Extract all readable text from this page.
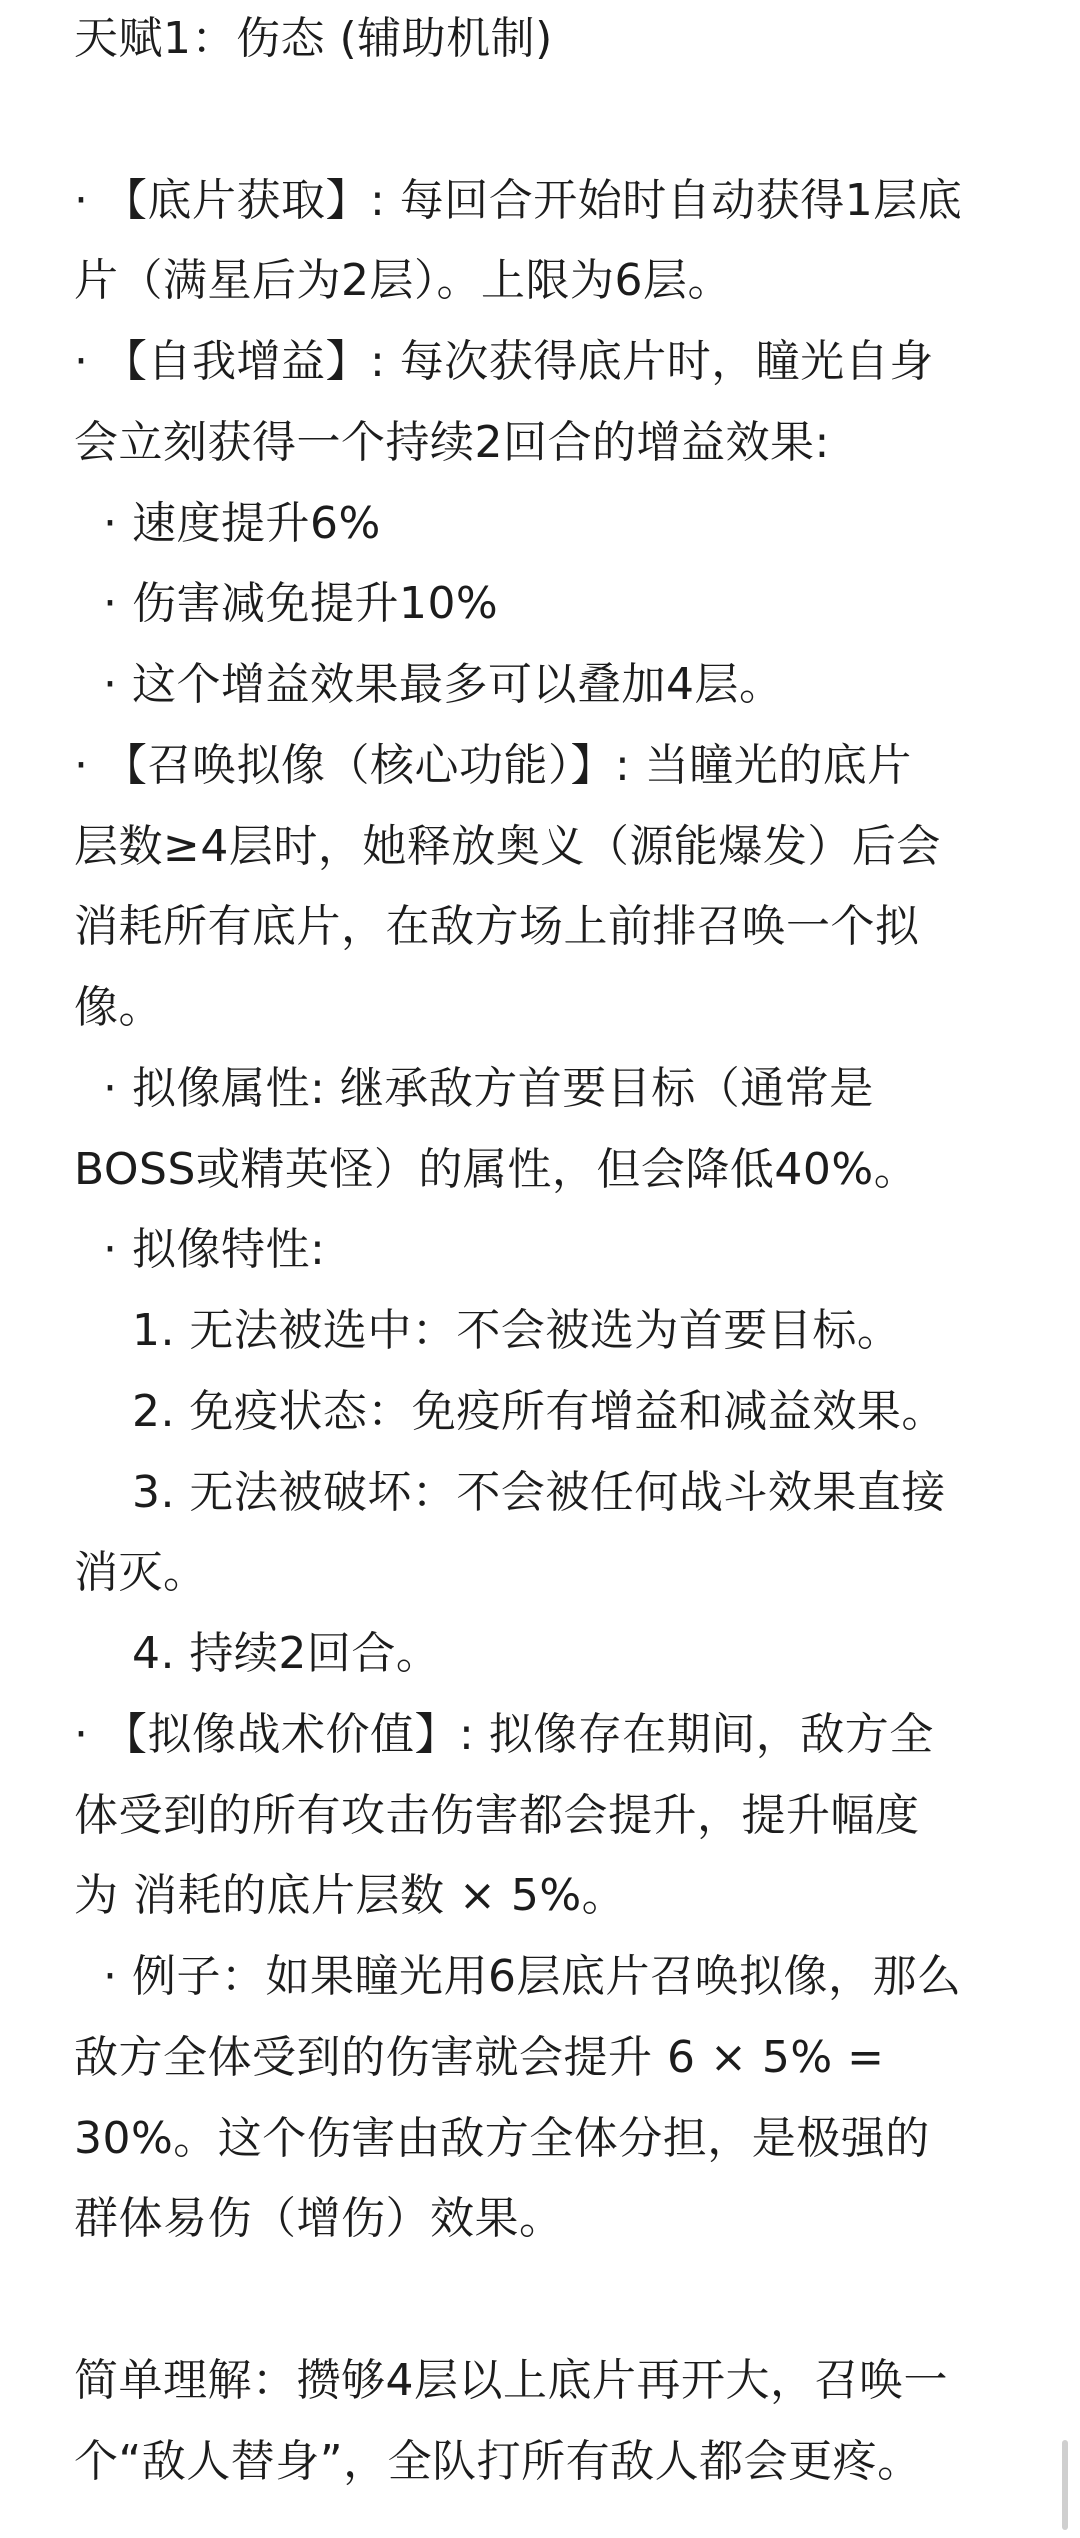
天赋1：伤态 (辅助机制)
· 【底片获取】: 每回合开始时自动获得1层底
片（满星后为2层）。上限为6层。
· 【自我增益】: 每次获得底片时，瞳光自身
会立刻获得一个持续2回合的增益效果:
· 速度提升6%
· 伤害减免提升10%
· 这个增益效果最多可以叠加4层。
· 【召唤拟像（核心功能）】: 当瞳光的底片
层数≥4层时，她释放奥义（源能爆发）后会
消耗所有底片，在敌方场上前排召唤一个拟
像。
· 拟像属性: 继承敌方首要目标（通常是
BOSS或精英怪）的属性，但会降低40%。
· 拟像特性:
1. 无法被选中：不会被选为首要目标。
2. 免疫状态：免疫所有增益和减益效果。
3. 无法被破坏：不会被任何战斗效果直接
消灭。
4. 持续2回合。
· 【拟像战术价值】: 拟像存在期间，敌方全
体受到的所有攻击伤害都会提升，提升幅度
为 消耗的底片层数 × 5%。
· 例子：如果瞳光用6层底片召唤拟像，那么
敌方全体受到的伤害就会提升 6 × 5% =
30%。这个伤害由敌方全体分担，是极强的
群体易伤（增伤）效果。
简单理解：攒够4层以上底片再开大，召唤一
个“敌人替身”，全队打所有敌人都会更疼。
